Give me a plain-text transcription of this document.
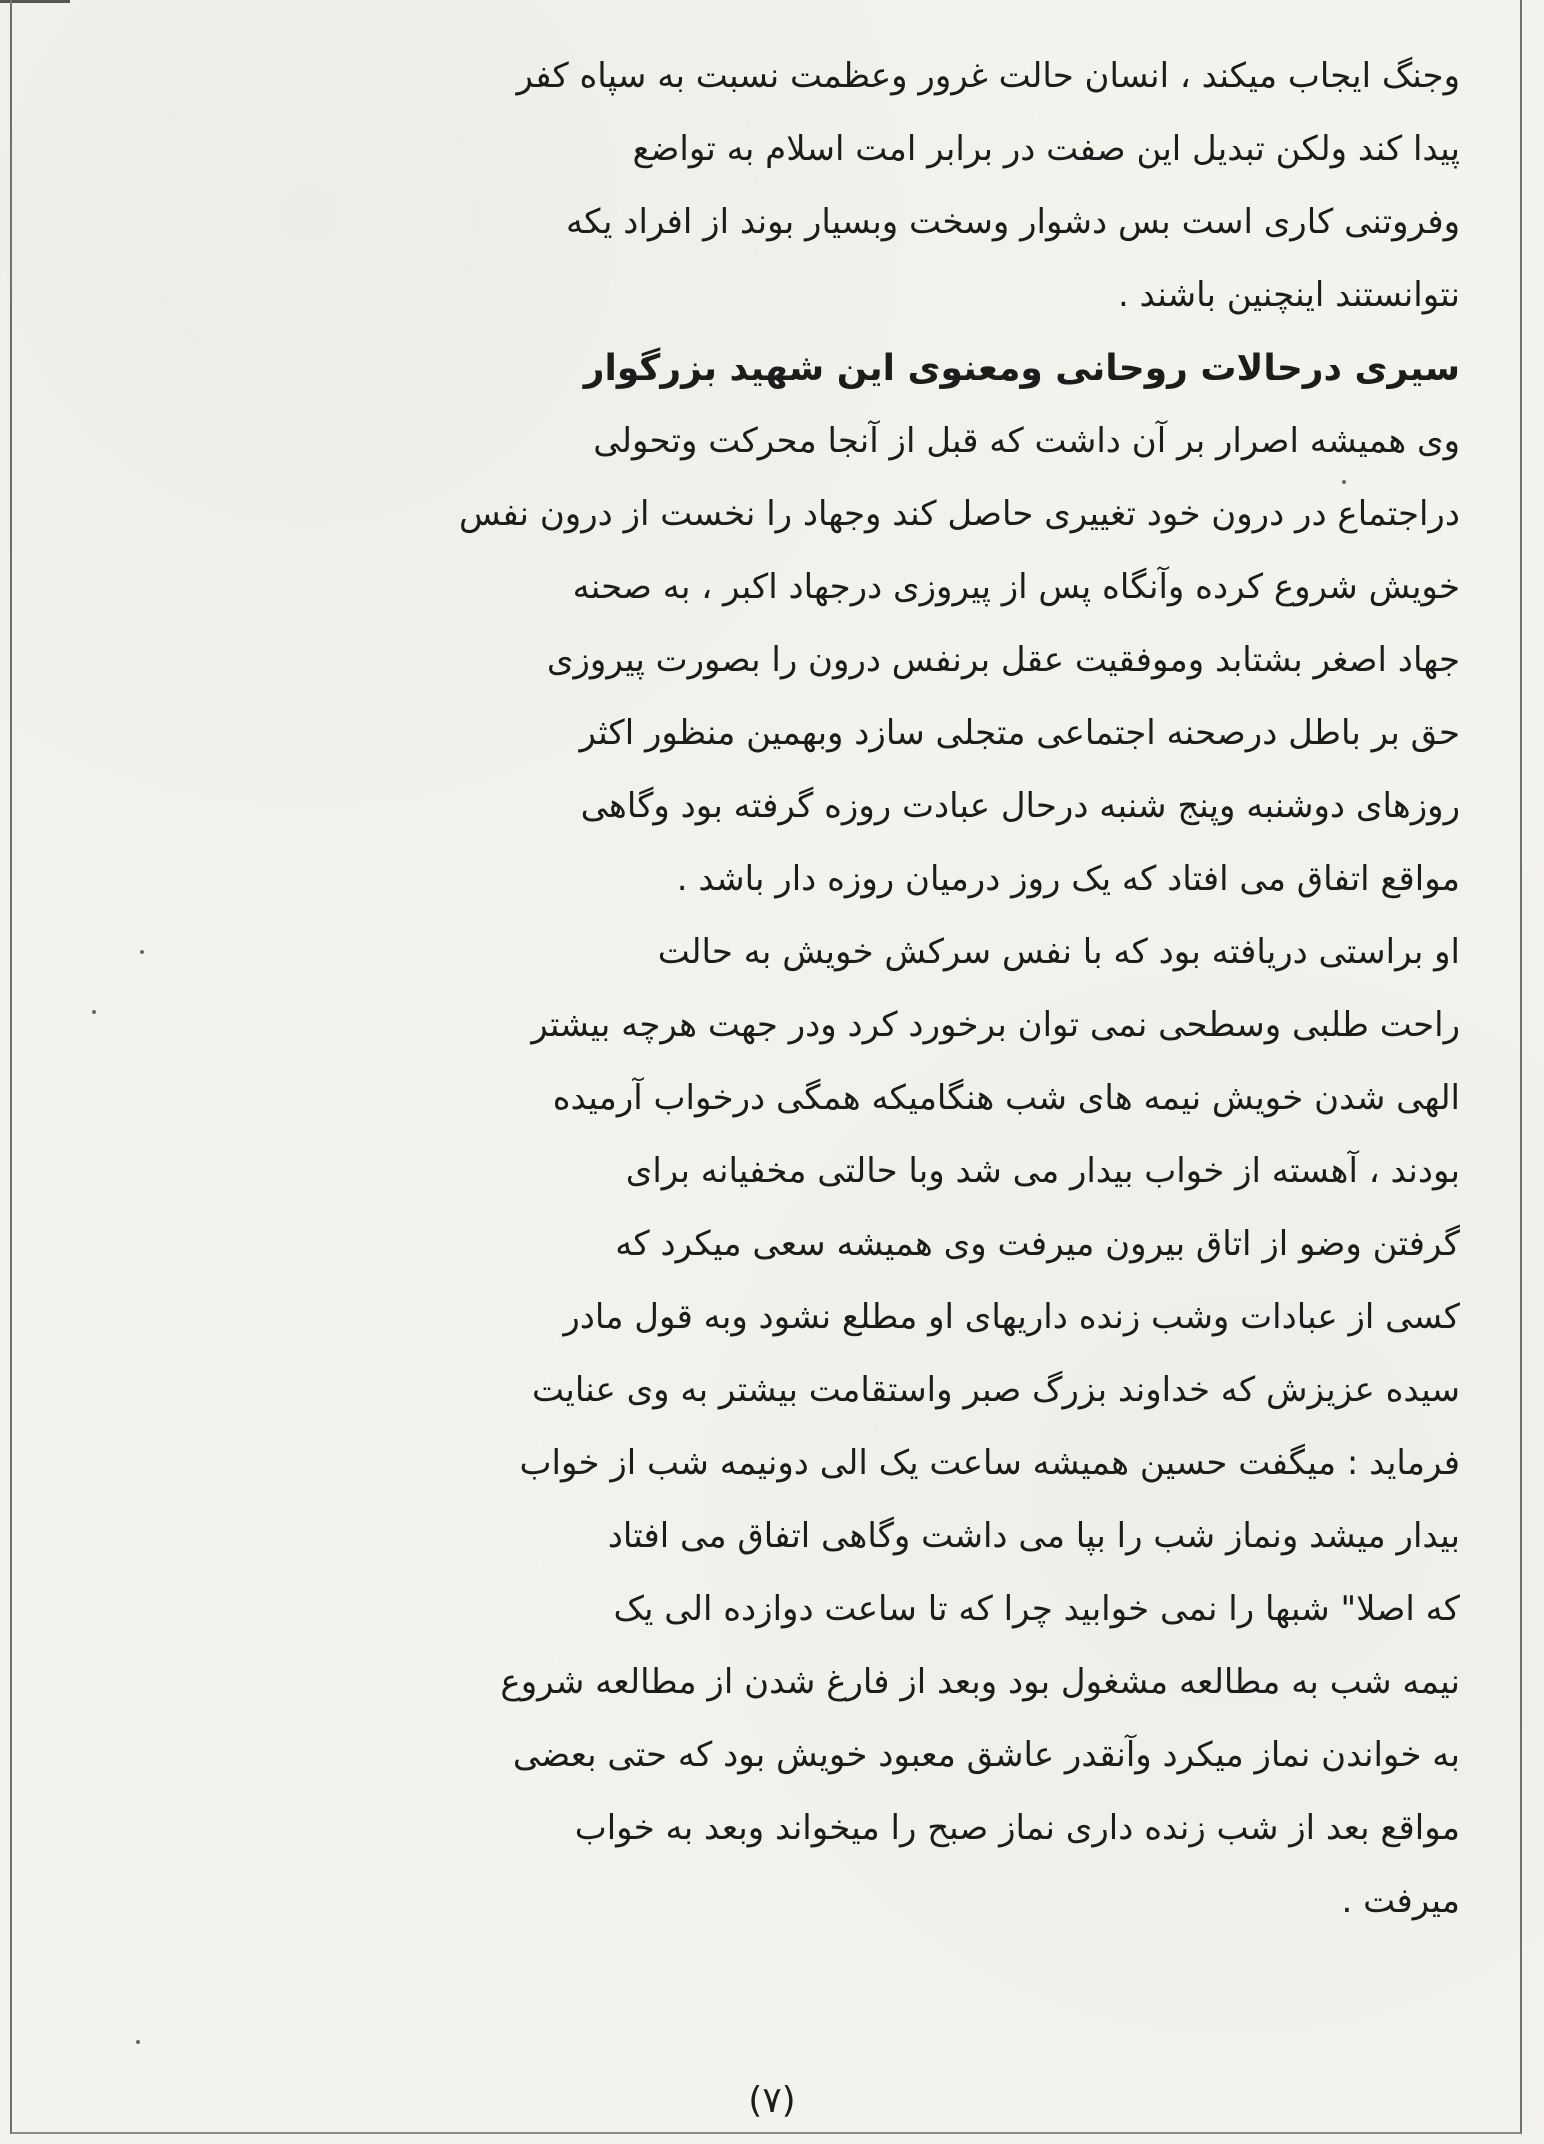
وجنگ ایجاب میکند ، انسان حالت غرور وعظمت نسبت به سپاه کفر
پیدا کند ولکن تبدیل این صفت در برابر امت اسلام به تواضع
وفروتنی کاری است بس دشوار وسخت وبسیار بوند از افراد یکه
نتوانستند اینچنین باشند .
سیری درحالات روحانی ومعنوی این شهید بزرگوار
وی همیشه اصرار بر آن داشت که قبل از آنجا محرکت وتحولی
دراجتماع در درون خود تغییری حاصل کند وجهاد را نخست از درون نفس
خویش شروع کرده وآنگاه پس از پیروزی درجهاد اکبر ، به صحنه
جهاد اصغر بشتابد وموفقیت عقل برنفس درون را بصورت پیروزی
حق بر باطل درصحنه اجتماعی متجلی سازد وبهمین منظور اکثر
روزهای دوشنبه وپنج شنبه درحال عبادت روزه گرفته بود وگاهی
مواقع اتفاق می افتاد که یک روز درمیان روزه دار باشد .
او براستی دریافته بود که با نفس سرکش خویش به حالت
راحت طلبی وسطحی نمی توان برخورد کرد ودر جهت هرچه بیشتر
الهی شدن خویش نیمه های شب هنگامیکه همگی درخواب آرمیده
بودند ، آهسته از خواب بیدار می شد وبا حالتی مخفیانه برای
گرفتن وضو از اتاق بیرون میرفت وی همیشه سعی میکرد که
کسی از عبادات وشب زنده داریهای او مطلع نشود وبه قول مادر
سیده عزیزش که خداوند بزرگ صبر واستقامت بیشتر به وی عنایت
فرماید : میگفت حسین همیشه ساعت یک الی دونیمه شب از خواب
بیدار میشد ونماز شب را بپا می داشت وگاهی اتفاق می افتاد
که اصلا" شبها را نمی خوابید چرا که تا ساعت دوازده الی یک
نیمه شب به مطالعه مشغول بود وبعد از فارغ شدن از مطالعه شروع
به خواندن نماز میکرد وآنقدر عاشق معبود خویش بود که حتی بعضی
مواقع بعد از شب زنده داری نماز صبح را میخواند وبعد به خواب
میرفت .
(۷)
